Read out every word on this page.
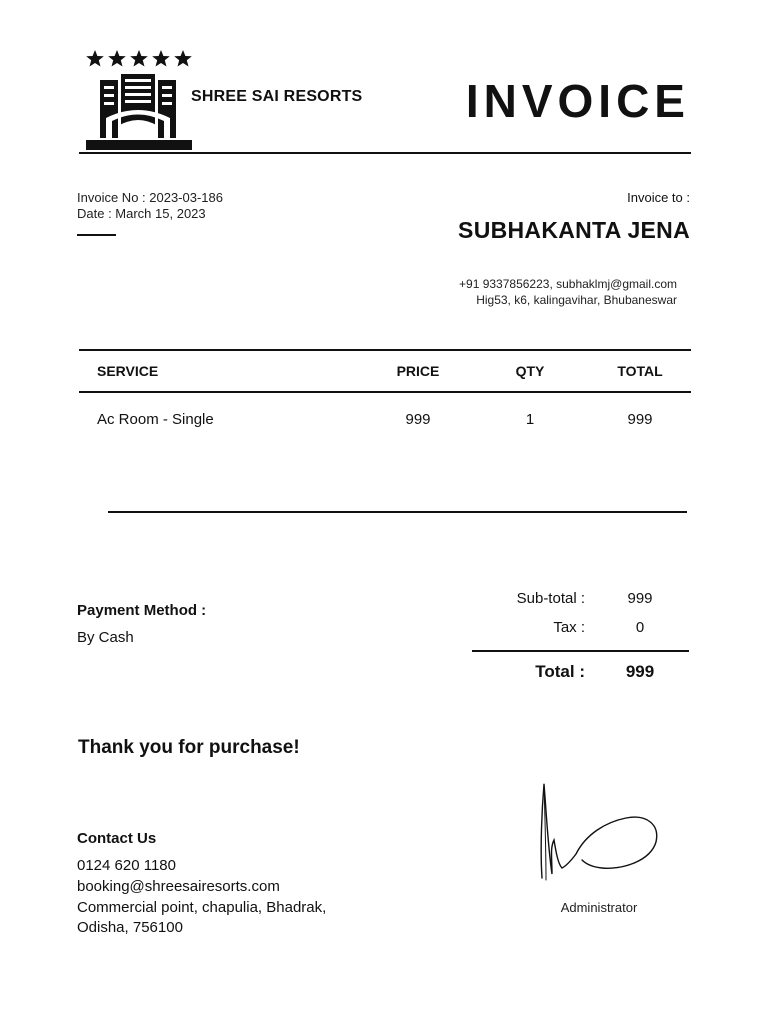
SHREE SAI RESORTS INVOICE
Invoice No : 2023-03-186
Date : March 15, 2023
Invoice to :
SUBHAKANTA JENA
+91 9337856223, subhaklmj@gmail.com
Hig53, k6, kalingavihar, Bhubaneswar
SERVICE	PRICE	QTY	TOTAL
Ac Room - Single	999	1	999
Sub-total :	999
Tax :	0
Total :	999
Payment Method :
By Cash
Thank you for purchase!
Contact Us
0124 620 1180
booking@shreesairesorts.com
Commercial point, chapulia, Bhadrak,
Odisha, 756100
Administrator
